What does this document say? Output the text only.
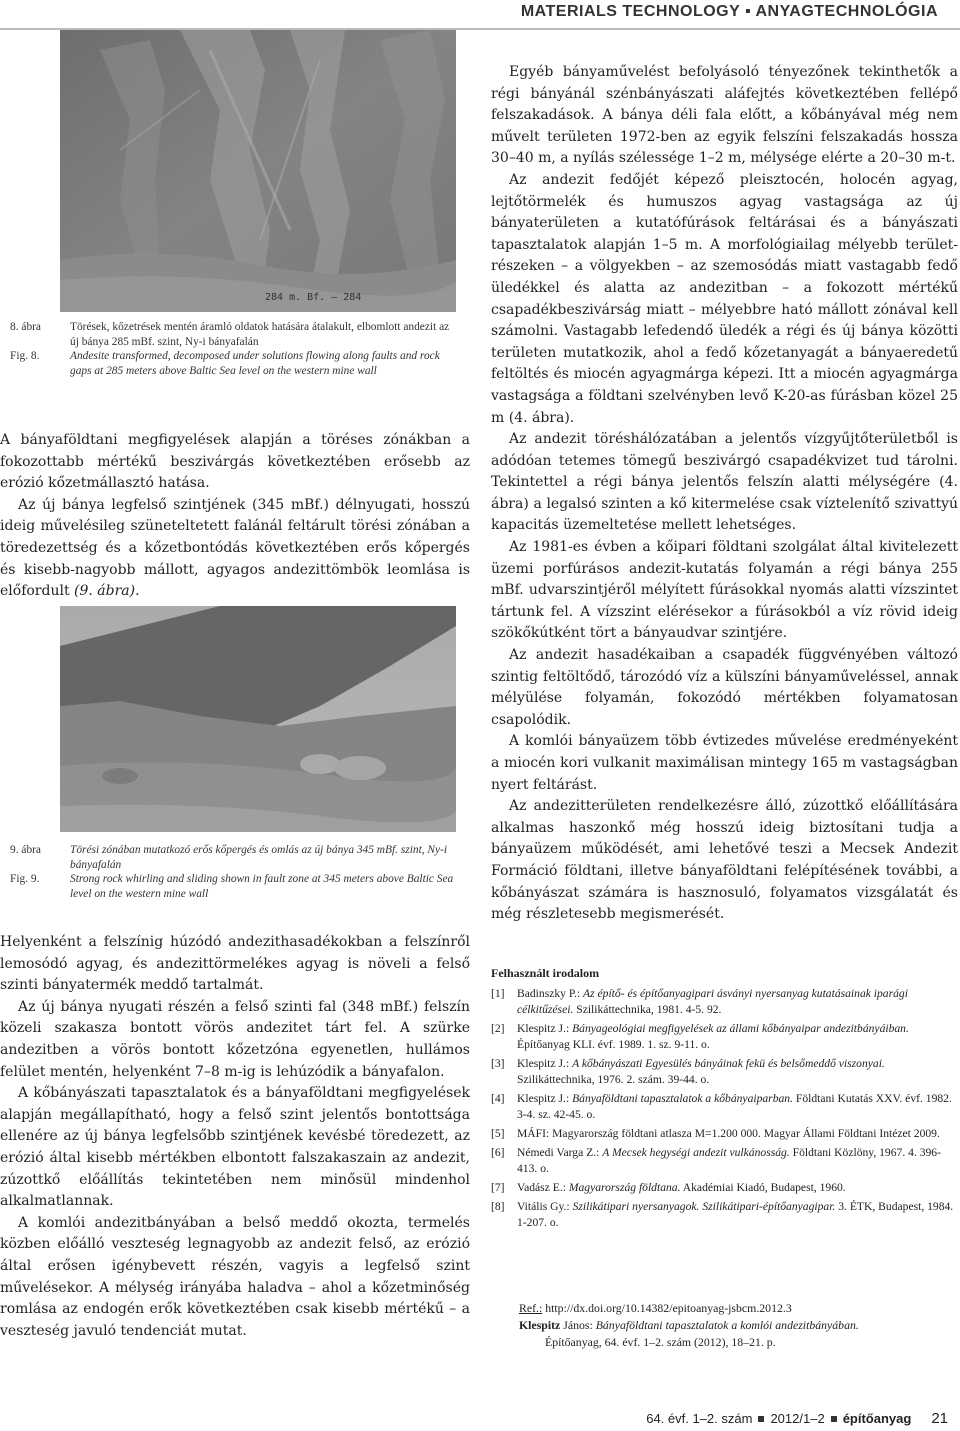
MATERIALS TECHNOLOGY ▪ ANYAGTECHNOLÓGIA
284 m. Bf. — 284
8. ábra	Törések, kőzetrések mentén áramló oldatok hatására átalakult, elbomlott andezit az új bánya 285 mBf. szint, Ny-i bányafalán
Fig. 8.	Andesite transformed, decomposed under solutions flowing along faults and rock gaps at 285 meters above Baltic Sea level on the western mine wall

A bányaföldtani megfigyelések alapján a töréses zónákban a fokozottabb mértékű beszivárgás következtében erősebb az erózió kőzetmállasztó hatása.

Az új bánya legfelső szintjének (345 mBf.) délnyugati, hosszú ideig művelésileg szüneteltetett falánál feltárult törési zónában a töredezettség és a kőzetbontódás következtében erős kőpergés és kisebb-nagyobb mállott, agyagos andezittömbök leomlása is előfordult (9. ábra).

9. ábra	Törési zónában mutatkozó erős kőpergés és omlás az új bánya 345 mBf. szint, Ny-i bányafalán
Fig. 9.	Strong rock whirling and sliding shown in fault zone at 345 meters above Baltic Sea level on the western mine wall

Helyenként a felszínig húzódó andezithasadékokban a felszínről lemosódó agyag, és andezittörmelékes agyag is növeli a felső szinti bányatermék meddő tartalmát.

Az új bánya nyugati részén a felső szinti fal (348 mBf.) felszín közeli szakasza bontott vörös andezitet tárt fel. A szürke andezitben a vörös bontott kőzetzóna egyenetlen, hullámos felület mentén, helyenként 7–8 m-ig is lehúzódik a bányafalon.

A kőbányászati tapasztalatok és a bányaföldtani megfigyelések alapján megállapítható, hogy a felső szint jelentős bontottsága ellenére az új bánya legfelsőbb szintjének kevésbé töredezett, az erózió által kisebb mértékben elbontott falszakaszain az andezit, zúzottkő előállítás tekintetében nem minősül mindenhol alkalmatlannak.

A komlói andezitbányában a belső meddő okozta, termelés közben előálló veszteség legnagyobb az andezit felső, az erózió által erősen igénybevett részén, vagyis a legfelső szint művelésekor. A mélység irányába haladva – ahol a kőzetminőség romlása az endogén erők következtében csak kisebb mértékű – a veszteség javuló tendenciát mutat.

Egyéb bányaművelést befolyásoló tényezőnek tekinthetők a régi bányánál szénbányászati aláfejtés következtében fellépő felszakadások. A bánya déli fala előtt, a kőbányával még nem művelt területen 1972-ben az egyik felszíni felszakadás hossza 30–40 m, a nyílás szélessége 1–2 m, mélysége elérte a 20–30 m-t.

Az andezit fedőjét képező pleisztocén, holocén agyag, lejtőtörmelék és humuszos agyag vastagsága az új bányaterületen a kutatófúrások feltárásai és a bányászati tapasztalatok alapján 1–5 m. A morfológiailag mélyebb területrészeken – a völgyekben – az szemosódás miatt vastagabb fedő üledékkel és alatta az andezitban – a fokozott mértékű csapadékbeszivárság miatt – mélyebbre ható mállott zónával kell számolni. Vastagabb lefedendő üledék a régi és új bánya közötti területen mutatkozik, ahol a fedő kőzetanyagát a bányaeredetű feltöltés és miocén agyagmárga képezi. Itt a miocén agyagmárga vastagsága a földtani szelvényben levő K-20-as fúrásban közel 25 m (4. ábra).

Az andezit töréshálózatában a jelentős vízgyűjtőterületből is adódóan tetemes tömegű beszivárgó csapadékvizet tud tárolni. Tekintettel a régi bánya jelentős felszín alatti mélységére (4. ábra) a legalsó szinten a kő kitermelése csak víztelenítő szivattyú kapacitás üzemeltetése mellett lehetséges.

Az 1981-es évben a kőipari földtani szolgálat által kivitelezett üzemi porfúrásos andezit-kutatás folyamán a régi bánya 255 mBf. udvarszintjéről mélyített fúrásokkal nyomás alatti vízszintet tártunk fel. A vízszint elérésekor a fúrásokból a víz rövid ideig szökőkútként tört a bányaudvar szintjére.

Az andezit hasadékaiban a csapadék függvényében változó szintig feltöltődő, tározódó víz a külszíni bányaműveléssel, annak mélyülése folyamán, fokozódó mértékben folyamatosan csapolódik.

A komlói bányaüzem több évtizedes művelése eredményeként a miocén kori vulkanit maximálisan mintegy 165 m vastagságban nyert feltárást.

Az andezitterületen rendelkezésre álló, zúzottkő előállítására alkalmas haszonkő még hosszú ideig biztosítani tudja a bányaüzem működését, ami lehetővé teszi a Mecsek Andezit Formáció földtani, illetve bányaföldtani felépítésének további, a kőbányászat számára is hasznosuló, folyamatos vizsgálatát és még részletesebb megismerését.

Felhasznált irodalom
[1]	Badinszky P.: Az építő- és építőanyagipari ásványi nyersanyag kutatásainak iparági célkitűzései. Szilikáttechnika, 1981. 4-5. 92.
[2]	Klespitz J.: Bányageológiai megfigyelések az állami kőbányaipar andezitbányáiban. Építőanyag KLI. évf. 1989. 1. sz. 9-11. o.
[3]	Klespitz J.: A kőbányászati Egyesülés bányáinak fekü és belsőmeddő viszonyai. Szilikáttechnika, 1976. 2. szám. 39-44. o.
[4]	Klespitz J.: Bányaföldtani tapasztalatok a kőbányaiparban. Földtani Kutatás XXV. évf. 1982. 3-4. sz. 42-45. o.
[5]	MÁFI: Magyarország földtani atlasza M=1.200 000. Magyar Állami Földtani Intézet 2009.
[6]	Némedi Varga Z.: A Mecsek hegységi andezit vulkánosság. Földtani Közlöny, 1967. 4. 396-413. o.
[7]	Vadász E.: Magyarország földtana. Akadémiai Kiadó, Budapest, 1960.
[8]	Vitális Gy.: Szilikátipari nyersanyagok. Szilikátipari-építőanyagipar. 3. ÉTK, Budapest, 1984. 1-207. o.
Ref.: http://dx.doi.org/10.14382/epitoanyag-jsbcm.2012.3
Klespitz János: Bányaföldtani tapasztalatok a komlói andezitbányában.
Építőanyag, 64. évf. 1–2. szám (2012), 18–21. p.
64. évf. 1–2. szám 2012/1–2 építőanyag 21
